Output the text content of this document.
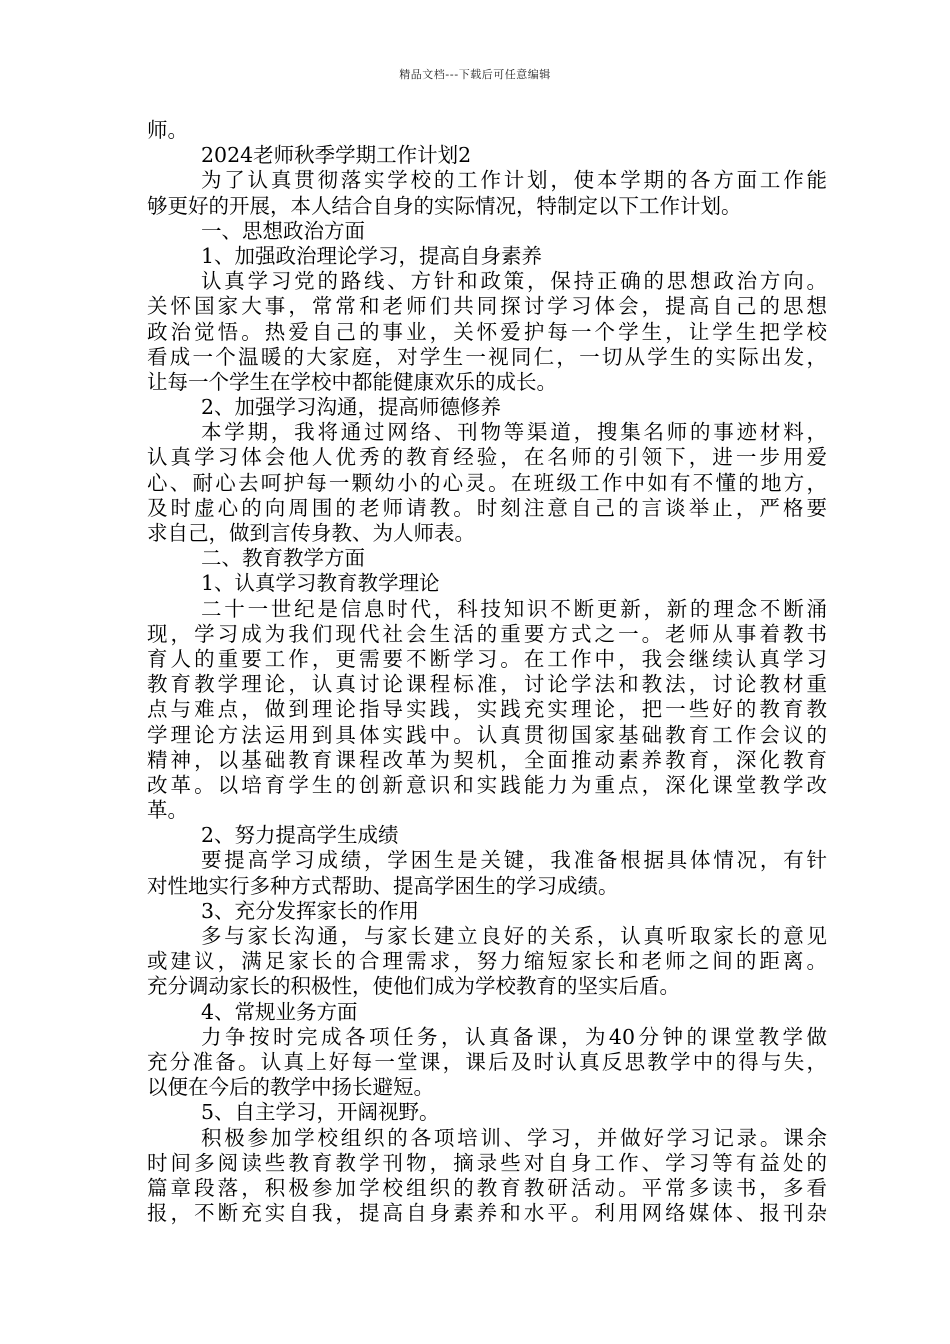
精品文档---下载后可任意编辑
师。
2024老师秋季学期工作计划2
为了认真贯彻落实学校的工作计划，使本学期的各方面工作能
够更好的开展，本人结合自身的实际情况，特制定以下工作计划。
一、思想政治方面
1、加强政治理论学习，提高自身素养
认真学习党的路线、方针和政策，保持正确的思想政治方向。
关怀国家大事，常常和老师们共同探讨学习体会，提高自己的思想
政治觉悟。热爱自己的事业，关怀爱护每一个学生，让学生把学校
看成一个温暖的大家庭，对学生一视同仁，一切从学生的实际出发，
让每一个学生在学校中都能健康欢乐的成长。
2、加强学习沟通，提高师德修养
本学期，我将通过网络、刊物等渠道，搜集名师的事迹材料，
认真学习体会他人优秀的教育经验，在名师的引领下，进一步用爱
心、耐心去呵护每一颗幼小的心灵。在班级工作中如有不懂的地方，
及时虚心的向周围的老师请教。时刻注意自己的言谈举止，严格要
求自己，做到言传身教、为人师表。
二、教育教学方面
1、认真学习教育教学理论
二十一世纪是信息时代，科技知识不断更新，新的理念不断涌
现，学习成为我们现代社会生活的重要方式之一。老师从事着教书
育人的重要工作，更需要不断学习。在工作中，我会继续认真学习
教育教学理论，认真讨论课程标准，讨论学法和教法，讨论教材重
点与难点，做到理论指导实践，实践充实理论，把一些好的教育教
学理论方法运用到具体实践中。认真贯彻国家基础教育工作会议的
精神，以基础教育课程改革为契机，全面推动素养教育，深化教育
改革。以培育学生的创新意识和实践能力为重点，深化课堂教学改
革。
2、努力提高学生成绩
要提高学习成绩，学困生是关键，我准备根据具体情况，有针
对性地实行多种方式帮助、提高学困生的学习成绩。
3、充分发挥家长的作用
多与家长沟通，与家长建立良好的关系，认真听取家长的意见
或建议，满足家长的合理需求，努力缩短家长和老师之间的距离。
充分调动家长的积极性，使他们成为学校教育的坚实后盾。
4、常规业务方面
力争按时完成各项任务，认真备课，为40分钟的课堂教学做
充分准备。认真上好每一堂课，课后及时认真反思教学中的得与失，
以便在今后的教学中扬长避短。
5、自主学习，开阔视野。
积极参加学校组织的各项培训、学习，并做好学习记录。课余
时间多阅读些教育教学刊物，摘录些对自身工作、学习等有益处的
篇章段落，积极参加学校组织的教育教研活动。平常多读书，多看
报，不断充实自我，提高自身素养和水平。利用网络媒体、报刊杂
